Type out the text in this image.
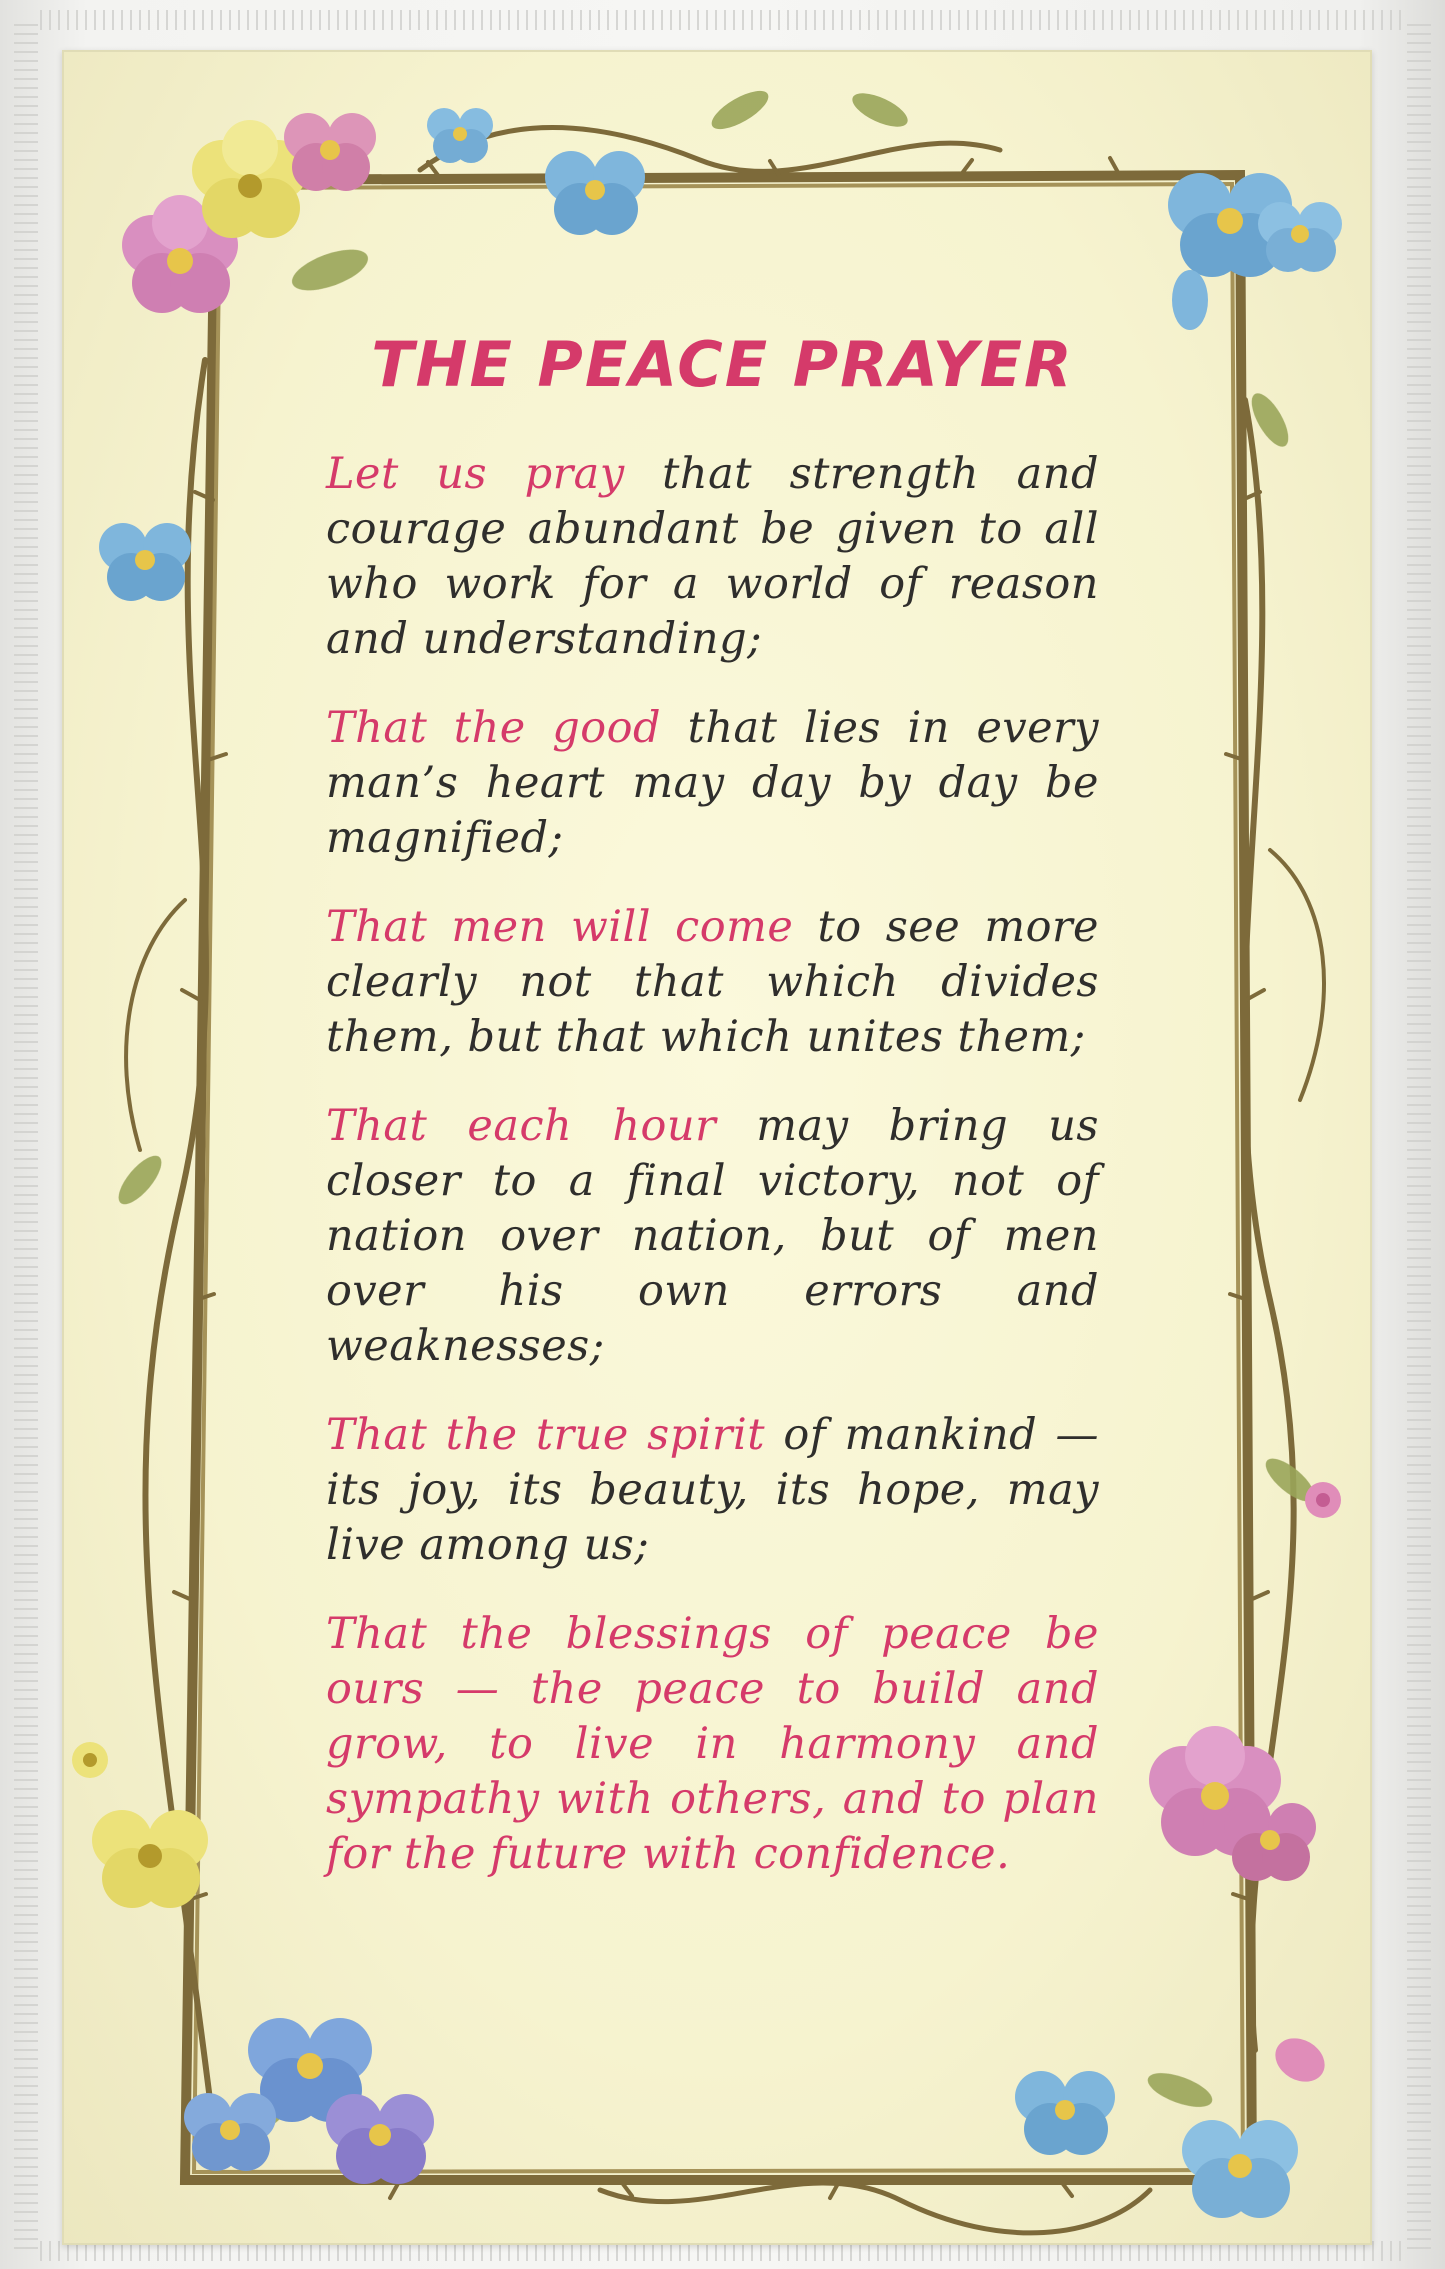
THE PEACE PRAYER

Let us pray that strength and courage abundant be given to all who work for a world of reason and understanding;

That the good that lies in every man’s heart may day by day be magnified;

That men will come to see more clearly not that which divides them, but that which unites them;

That each hour may bring us closer to a final victory, not of nation over nation, but of men over his own errors and weaknesses;

That the true spirit of mankind — its joy, its beauty, its hope, may live among us;

That the blessings of peace be ours — the peace to build and grow, to live in harmony and sympathy with others, and to plan for the future with confidence.
